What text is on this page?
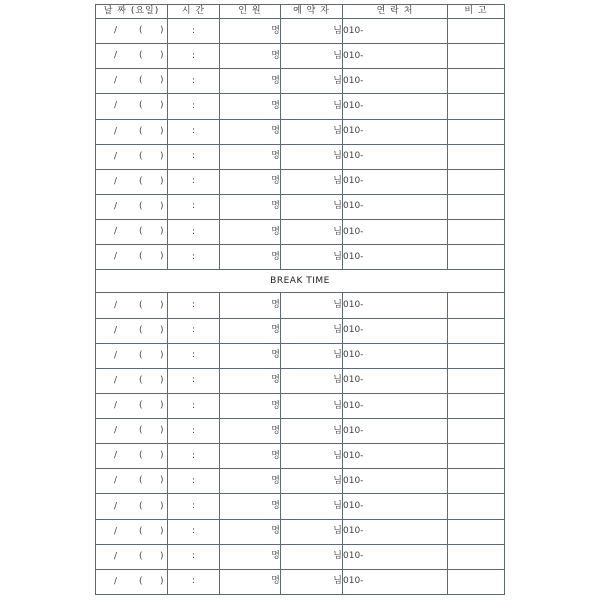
날 짜 (요일)	시 간	인 원	예 약 자	연 락 처	비 고

/ ( )	:	명	님	010-	

/ ( )	:	명	님	010-	

/ ( )	:	명	님	010-	

/ ( )	:	명	님	010-	

/ ( )	:	명	님	010-	

/ ( )	:	명	님	010-	

/ ( )	:	명	님	010-	

/ ( )	:	명	님	010-	

/ ( )	:	명	님	010-	

/ ( )	:	명	님	010-	
BREAK TIME					

/ ( )	:	명	님	010-	

/ ( )	:	명	님	010-	

/ ( )	:	명	님	010-	

/ ( )	:	명	님	010-	

/ ( )	:	명	님	010-	

/ ( )	:	명	님	010-	

/ ( )	:	명	님	010-	

/ ( )	:	명	님	010-	

/ ( )	:	명	님	010-	

/ ( )	:	명	님	010-	

/ ( )	:	명	님	010-	

/ ( )	:	명	님	010-	
